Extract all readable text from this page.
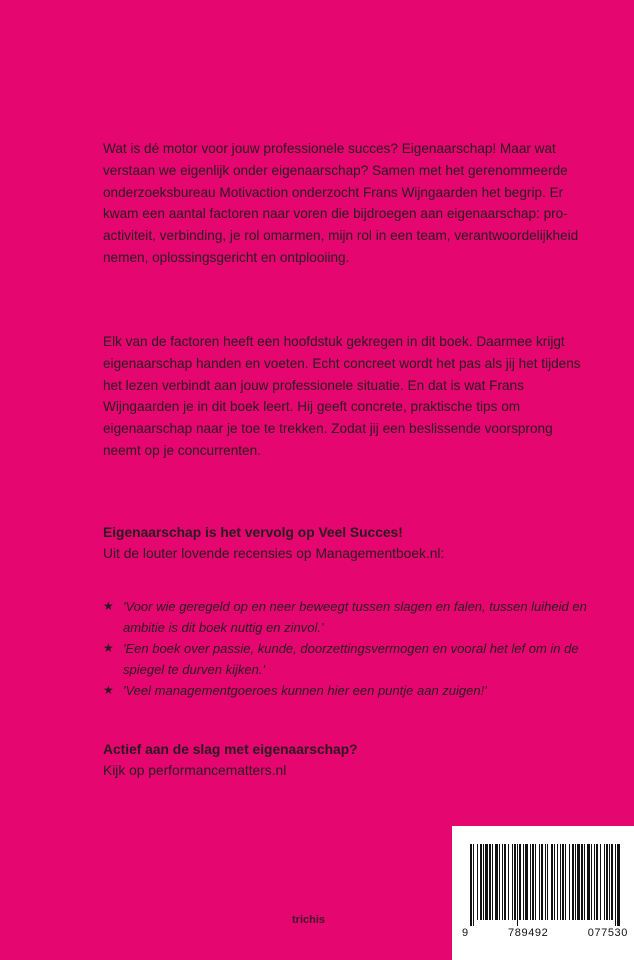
Wat is dé motor voor jouw professionele succes? Eigenaarschap! Maar wat verstaan we eigenlijk onder eigenaarschap? Samen met het gerenommeerde onderzoeksbureau Motivaction onderzocht Frans Wijngaarden het begrip. Er kwam een aantal factoren naar voren die bijdroegen aan eigenaarschap: pro-activiteit, verbinding, je rol omarmen, mijn rol in een team, verantwoordelijkheid nemen, oplossingsgericht en ontplooiing.

Elk van de factoren heeft een hoofdstuk gekregen in dit boek. Daarmee krijgt eigenaarschap handen en voeten. Echt concreet wordt het pas als jij het tijdens het lezen verbindt aan jouw professionele situatie. En dat is wat Frans Wijngaarden je in dit boek leert. Hij geeft concrete, praktische tips om eigenaarschap naar je toe te trekken. Zodat jij een beslissende voorsprong neemt op je concurrenten.

Eigenaarschap is het vervolg op Veel Succes!
Uit de louter lovende recensies op Managementboek.nl:
★ 'Voor wie geregeld op en neer beweegt tussen slagen en falen, tussen luiheid en ambitie is dit boek nuttig en zinvol.'
★ 'Een boek over passie, kunde, doorzettingsvermogen en vooral het lef om in de spiegel te durven kijken.'
★ 'Veel managementgoeroes kunnen hier een puntje aan zuigen!'
Actief aan de slag met eigenaarschap?
Kijk op performancematters.nl
9	789492	077530
trichis
